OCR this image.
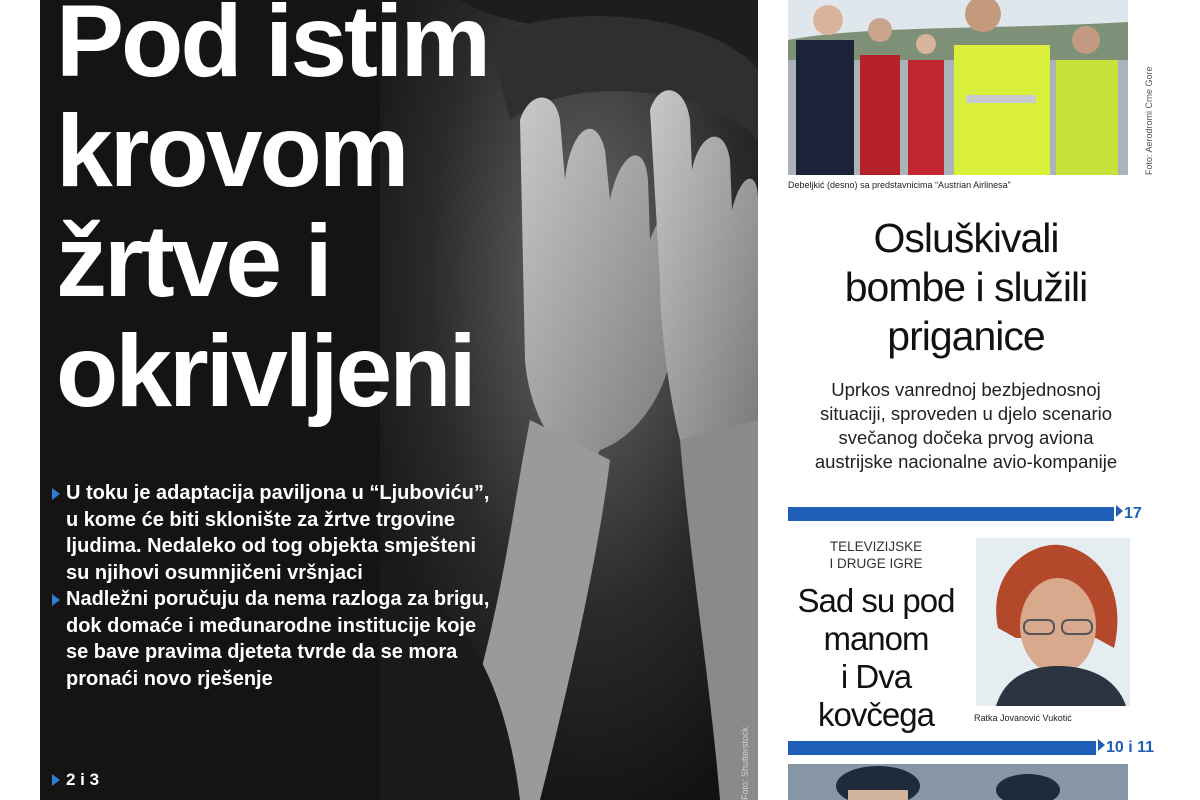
Pod istim
krovom
žrtve i
okrivljeni
U toku je adaptacija paviljona u “Ljuboviću”, u kome će biti sklonište za žrtve trgovine ljudima. Nedaleko od tog objekta smješteni su njihovi osumnjičeni vršnjaci
Nadležni poručuju da nema razloga za brigu, dok domaće i međunarodne institucije koje se bave pravima djeteta tvrde da se mora pronaći novo rješenje
2 i 3	Foto: Shutterstock
Foto: Aerodromi Crne Gore
Debeljkić (desno) sa predstavnicima “Austrian Airlinesa”
Osluškivali
bombe i služili
priganice

Uprkos vanrednoj bezbjednosnoj
situaciji, sproveden u djelo scenario
svečanog dočeka prvog aviona
austrijske nacionalne avio-kompanije

17
TELEVIZIJSKE
I DRUGE IGRE
Sad su pod
manom
i Dva
kovčega	Ratka Jovanović Vukotić
10 i 11
